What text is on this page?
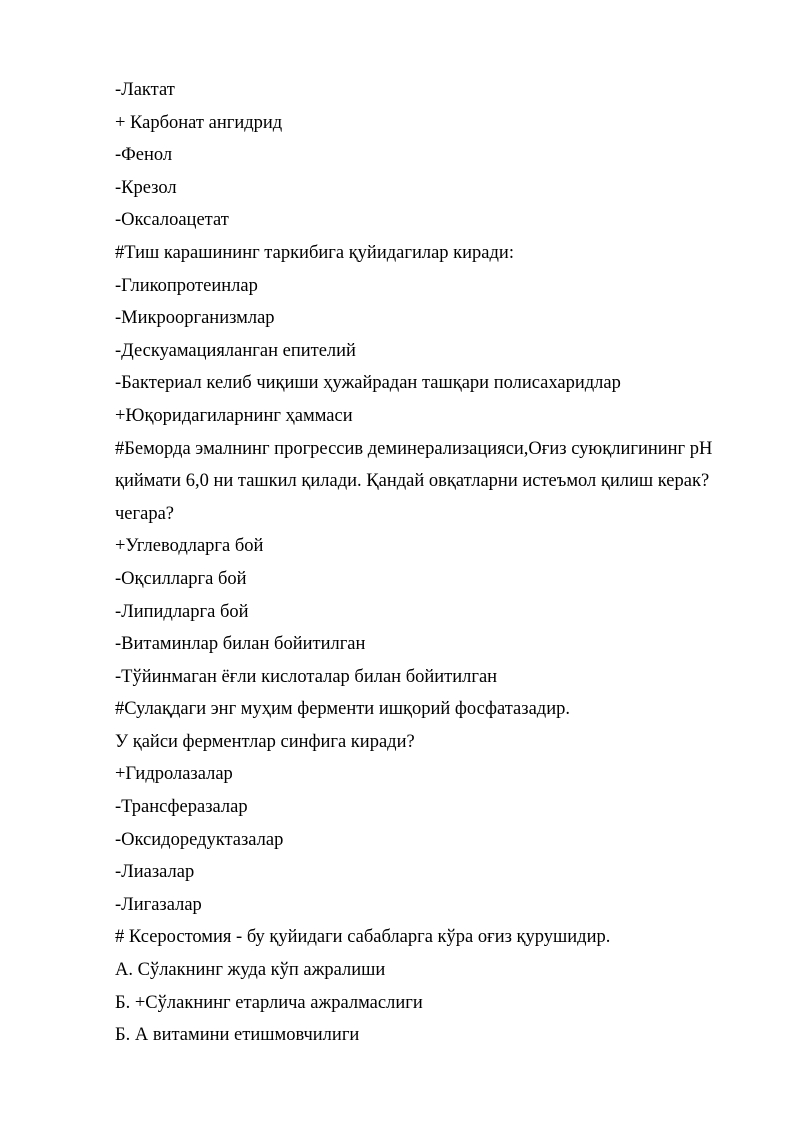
-Лактат
+ Карбонат ангидрид
-Фенол
-Крезол
-Оксалоацетат
#Тиш карашининг таркибига қуйидагилар киради:
-Гликопротеинлар
-Микроорганизмлар
-Дескуамацияланган епителий
-Бактериал келиб чиқиши ҳужайрадан ташқари полисахаридлар
+Юқоридагиларнинг ҳаммаси
#Беморда эмалнинг прогрессив деминерализацияси,Оғиз суюқлигининг pH
қиймати 6,0 ни ташкил қилади. Қандай овқатларни истеъмол қилиш керак?
чегара?
+Углеводларга бой
-Оқсилларга бой
-Липидларга бой
-Витаминлар билан бойитилган
-Тўйинмаган ёғли кислоталар билан бойитилган
#Сулақдаги энг муҳим ферменти ишқорий фосфатазадир.
У қайси ферментлар синфига киради?
+Гидролазалар
-Трансферазалар
-Оксидоредуктазалар
-Лиазалар
-Лигазалар
# Ксеростомия - бу қуйидаги сабабларга кўра оғиз қурушидир.
А. Сўлакнинг жуда кўп ажралиши
Б. +Сўлакнинг етарлича ажралмаслиги
Б. А витамини етишмовчилиги
